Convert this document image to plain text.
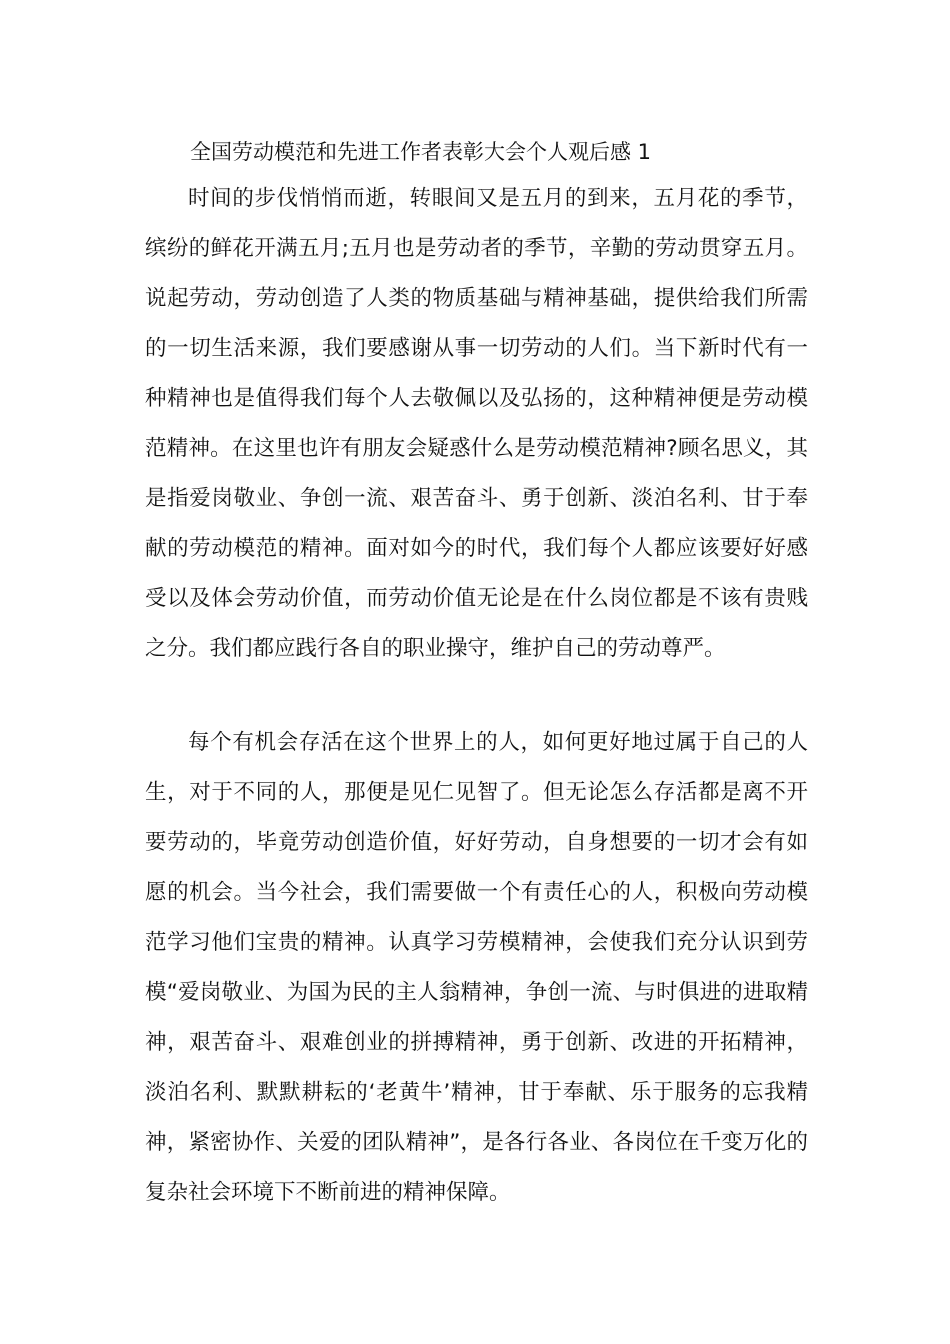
全国劳动模范和先进工作者表彰大会个人观后感 1

时间的步伐悄悄而逝，转眼间又是五月的到来，五月花的季节，缤纷的鲜花开满五月;五月也是劳动者的季节，辛勤的劳动贯穿五月。说起劳动，劳动创造了人类的物质基础与精神基础，提供给我们所需的一切生活来源，我们要感谢从事一切劳动的人们。当下新时代有一种精神也是值得我们每个人去敬佩以及弘扬的，这种精神便是劳动模范精神。在这里也许有朋友会疑惑什么是劳动模范精神?顾名思义，其是指爱岗敬业、争创一流、艰苦奋斗、勇于创新、淡泊名利、甘于奉献的劳动模范的精神。面对如今的时代，我们每个人都应该要好好感受以及体会劳动价值，而劳动价值无论是在什么岗位都是不该有贵贱之分。我们都应践行各自的职业操守，维护自己的劳动尊严。

每个有机会存活在这个世界上的人，如何更好地过属于自己的人生，对于不同的人，那便是见仁见智了。但无论怎么存活都是离不开要劳动的，毕竟劳动创造价值，好好劳动，自身想要的一切才会有如愿的机会。当今社会，我们需要做一个有责任心的人，积极向劳动模范学习他们宝贵的精神。认真学习劳模精神，会使我们充分认识到劳模“爱岗敬业、为国为民的主人翁精神，争创一流、与时俱进的进取精神，艰苦奋斗、艰难创业的拼搏精神，勇于创新、改进的开拓精神，淡泊名利、默默耕耘的‘老黄牛’精神，甘于奉献、乐于服务的忘我精神，紧密协作、关爱的团队精神”，是各行各业、各岗位在千变万化的复杂社会环境下不断前进的精神保障。
